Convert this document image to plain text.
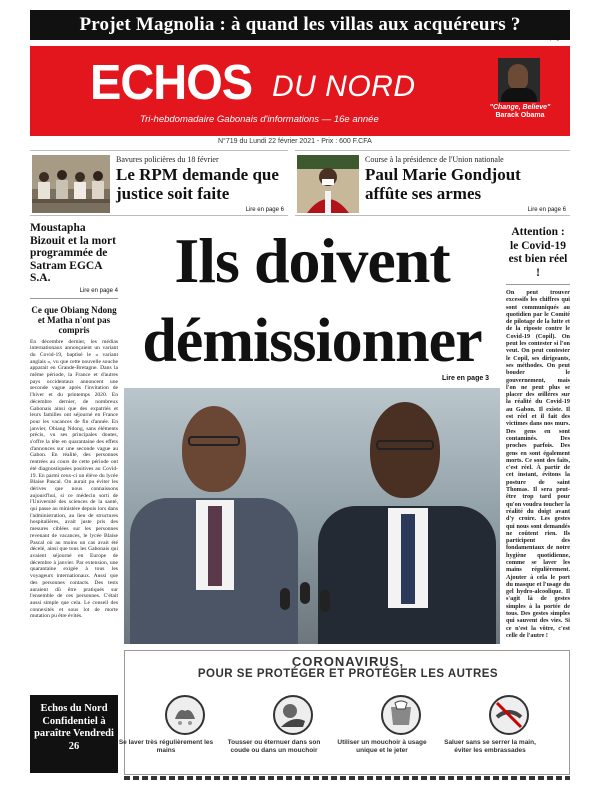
Projet Magnolia : à quand les villas aux acquéreurs ?
Lire en page 6
ECHOS DU NORD
Tri-hebdomadaire Gabonais d'informations — 16e année
"Change, Believe"
Barack Obama
N°719 du Lundi 22 février 2021 - Prix : 600 F.CFA
Bavures policières du 18 février
Le RPM demande que justice soit faite
Lire en page 6
Course à la présidence de l'Union nationale
Paul Marie Gondjout affûte ses armes
Lire en page 6
Moustapha Bizouit et la mort programmée de Satram EGCA S.A.
Lire en page 4
Ce que Obiang Ndong et Matha n'ont pas compris
En décembre dernier, les médias internationaux annonçaient un variant du Covid-19, baptisé le « variant anglais », vu que cette nouvelle souche apparait en Grande-Bretagne. Dans la même période, la France et d'autres pays occidentaux annoncent une seconde vague après l'invitation de l'hiver et du printemps 2020. En décembre dernier, de nombreux Gabonais ainsi que des expatriés et leurs familles ont séjourné en France pour les vacances de fin d'année. En janvier, Obiang Ndong, sans éléments précis, vu ses principales doutes, s'offre la tête en quarantaine des effets d'annonces sur une seconde vague au Gabon. En réalité, des personnes rentrées au cours de cette période ont été diagnostiquées positives au Covid-19. En parmi ceux-ci un élève du lycée Blaise Pascal. On aurait pu éviter les dérives que nous connaissons aujourd'hui, si ce médecin sorti de l'Université des sciences de la santé, qui passe au ministère depuis lors dans l'administration, au lieu de structures hospitalières, avait juste pris des mesures ciblées sur les personnes revenant de vacances, le lycée Blaise Pascal où au moins un cas avait été décelé, ainsi que tous les Gabonais qui avaient séjourné en Europe de décembre à janvier. Par extension, une quarantaine exigée à tous les voyageurs internationaux. Aussi que des personnes contacts. Des tests auraient dû être pratiqués sur l'ensemble de ces personnes. C'était aussi simple que cela. Le conseil des connexités et sous lot de morte mutation pu être évités.
Echos du Nord Confidentiel à paraître Vendredi 26
Ils doivent
démissionner
Lire en page 3
Attention : le Covid-19 est bien réel !
On peut trouver excessifs les chiffres qui sont communiqués au quotidien par le Comité de pilotage de la lutte et de la riposte contre le Covid-19 (Copil). On peut les contester si l'on veut. On peut contester le Copil, ses dirigeants, ses méthodes. On peut bouder le gouvernement, mais l'on ne peut plus se placer des œillères sur la réalité du Covid-19 au Gabon. Il existe. Il est réel et il fait des victimes dans nos murs. Des gens en sont contaminés. Des proches parfois. Des gens en sont également morts. Ce sont des faits, c'est réel. À partir de cet instant, évitons la posture de saint Thomas. Il sera peut-être trop tard pour qu'on voudra toucher la réalité du doigt avant d'y croire. Les gestes qui nous sont demandés ne coûtent rien. Ils participent des fondamentaux de notre hygiène quotidienne, comme se laver les mains régulièrement. Ajouter à cela le port du masque et l'usage du gel hydro-alcoolique. Il s'agit là de gestes simples à la portée de tous. Des gestes simples qui sauvent des vies. Si ce n'est la vôtre, c'est celle de l'autre !
CORONAVIRUS,
POUR SE PROTÉGER ET PROTÉGER LES AUTRES
Se laver très régulièrement les mains
Tousser ou éternuer dans son coude ou dans un mouchoir
Utiliser un mouchoir à usage unique et le jeter
Saluer sans se serrer la main, éviter les embrassades
